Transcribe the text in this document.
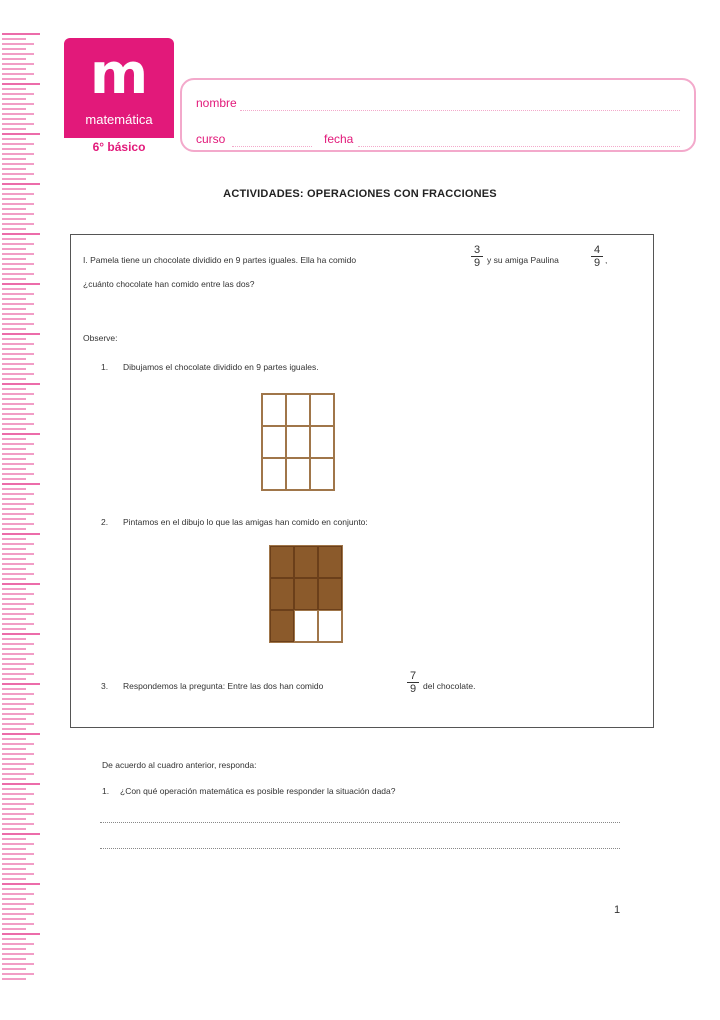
m
matemática
6° básico
nombre
curso	fecha
ACTIVIDADES: OPERACIONES CON FRACCIONES
I. Pamela tiene un chocolate dividido en 9 partes iguales. Ella ha comido
3
9 y su amiga Paulina
4
9 ,
¿cuánto chocolate han comido entre las dos?
Observe:
1. Dibujamos el chocolate dividido en 9 partes iguales.
2. Pintamos en el dibujo lo que las amigas han comido en conjunto:
3. Respondemos la pregunta: Entre las dos han comido
7
9 del chocolate.
De acuerdo al cuadro anterior, responda:
1. ¿Con qué operación matemática es posible responder la situación dada?
1
